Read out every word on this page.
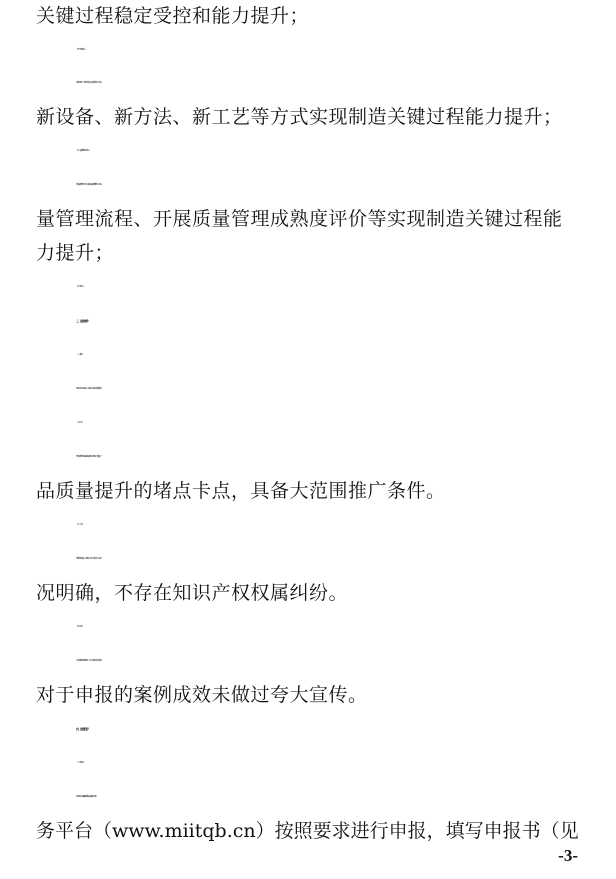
关键过程稳定受控和能力提升；
（四）行业特色方向
反映行业特点、代表行业发展方向的采用新材料、新技术、
新设备、新方法、新工艺等方式实现制造关键过程能力提升；
（五）质量管理体系升级方向
围绕质量管理七大原则，通过加强质量管理组织、优化质
量管理流程、开展质量管理成熟度评价等实现制造关键过程能
力提升；
（六）其他方向。
三、征集条件
（一）成熟性
案例应是已经实施完成，并已取得实质性成效的典型经验。
（二）推广性
案例应聚焦行业制造过程质量管控技术问题，打通重点产
品质量提升的堵点卡点，具备大范围推广条件。
（三）自主性
案例所涉及的核心、关键技术应有自主知识产权，权益状
况明确，不存在知识产权权属纠纷。
（四）公开性
在不涉及商业机密的情况下，企业应自愿向社会分享经验，
对于申报的案例成效未做过夸大宣传。
四、征集程序
（一）材料报送
请各申报单位在 2022 年 9 月 15 日前通过质量品牌公共服
务平台（www.miitqb.cn）按照要求进行申报，填写申报书（见
-3-
